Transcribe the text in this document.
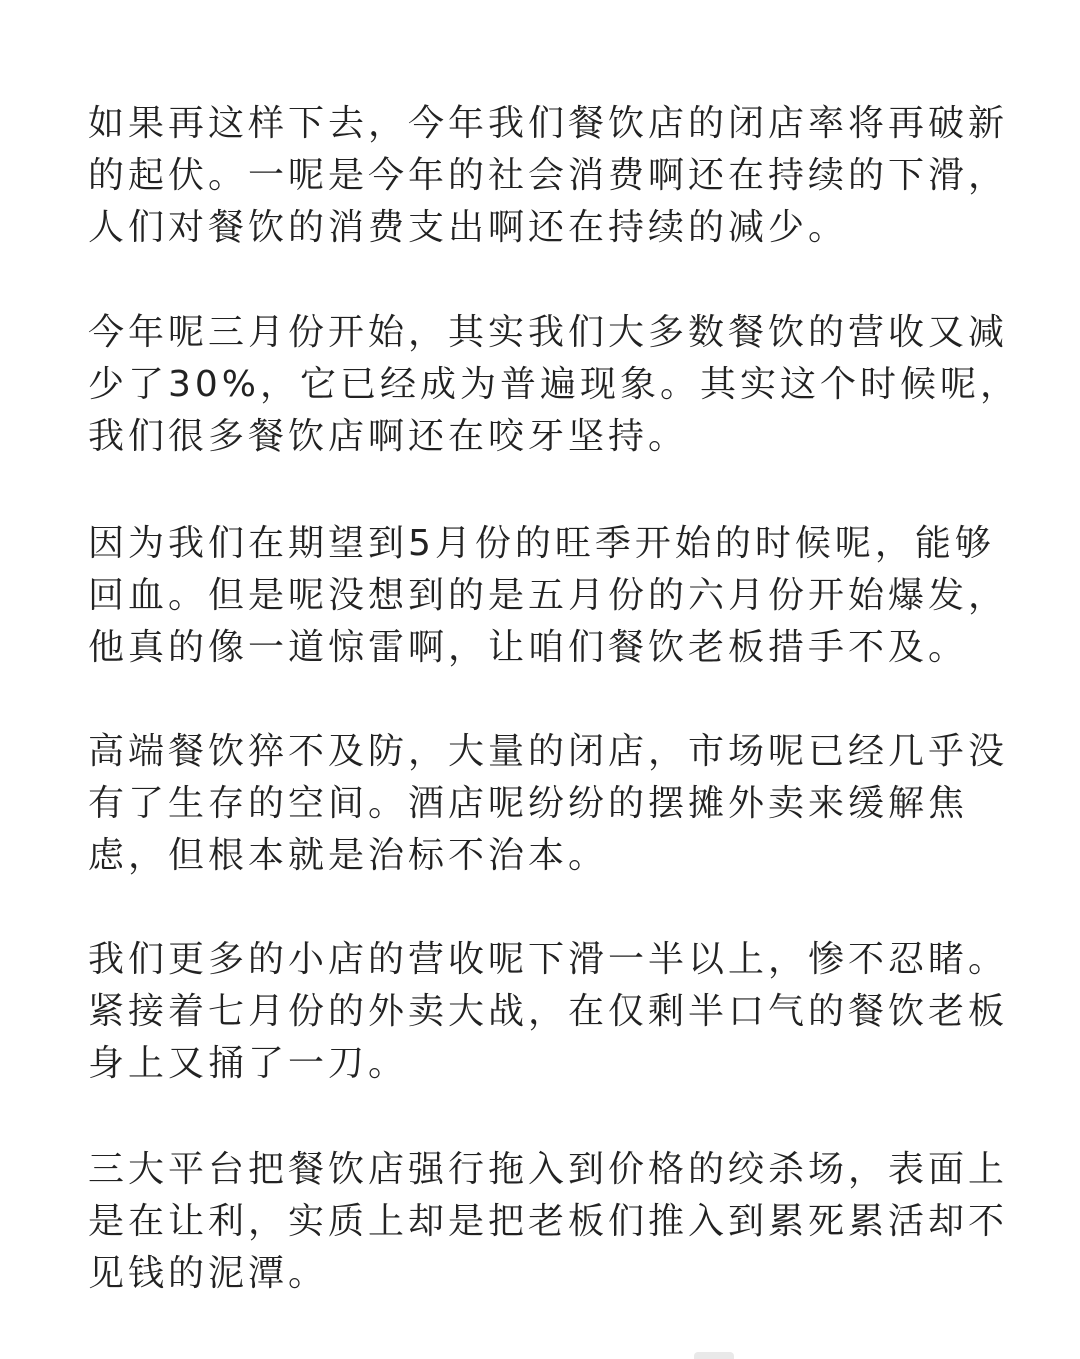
如果再这样下去，今年我们餐饮店的闭店率将再破新
的起伏。一呢是今年的社会消费啊还在持续的下滑，
人们对餐饮的消费支出啊还在持续的减少。

今年呢三月份开始，其实我们大多数餐饮的营收又减
少了30%，它已经成为普遍现象。其实这个时候呢，
我们很多餐饮店啊还在咬牙坚持。

因为我们在期望到5月份的旺季开始的时候呢，能够
回血。但是呢没想到的是五月份的六月份开始爆发，
他真的像一道惊雷啊，让咱们餐饮老板措手不及。

高端餐饮猝不及防，大量的闭店，市场呢已经几乎没
有了生存的空间。酒店呢纷纷的摆摊外卖来缓解焦
虑，但根本就是治标不治本。

我们更多的小店的营收呢下滑一半以上，惨不忍睹。
紧接着七月份的外卖大战，在仅剩半口气的餐饮老板
身上又捅了一刀。

三大平台把餐饮店强行拖入到价格的绞杀场，表面上
是在让利，实质上却是把老板们推入到累死累活却不
见钱的泥潭。
